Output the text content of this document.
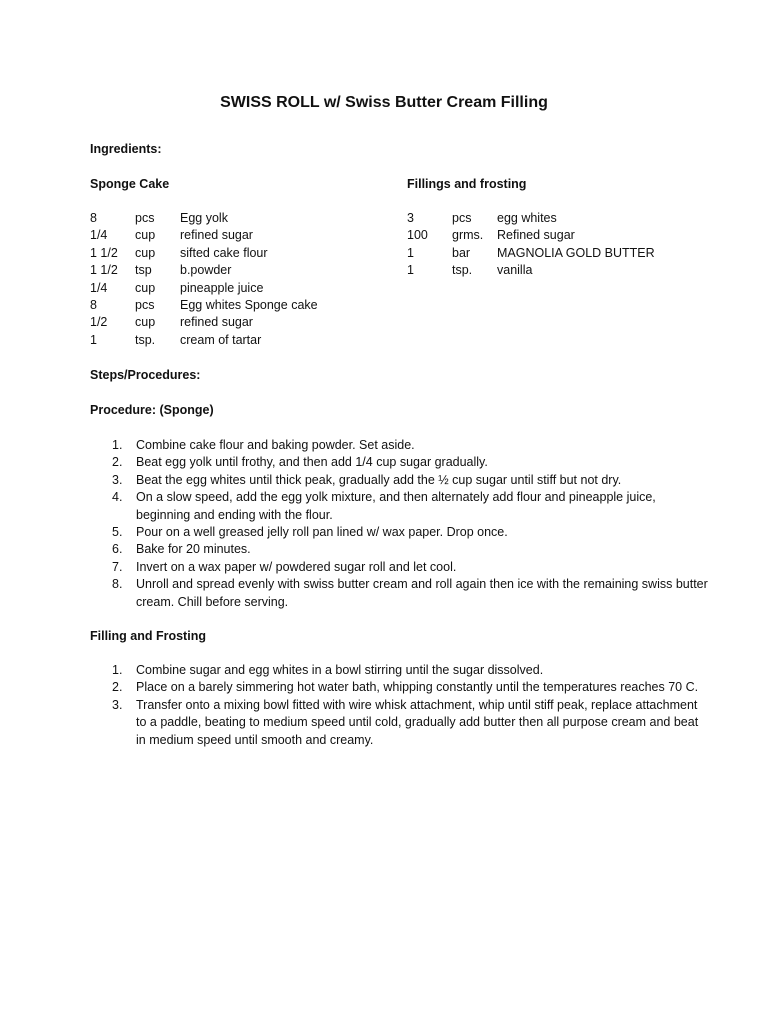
SWISS ROLL w/ Swiss Butter Cream Filling
Ingredients:
Sponge Cake	Fillings and frosting
8	pcs	Egg yolk
1/4	cup	refined sugar
1 1/2	cup	sifted cake flour
1 1/2	tsp	b.powder
1/4	cup	pineapple juice
8	pcs	Egg whites Sponge cake
1/2	cup	refined sugar
1	tsp.	cream of tartar
3	pcs	egg whites
100	grms.	Refined sugar
1	bar	MAGNOLIA GOLD BUTTER
1	tsp.	vanilla
Steps/Procedures:
Procedure: (Sponge)
1. Combine cake flour and baking powder. Set aside.
2. Beat egg yolk until frothy, and then add 1/4 cup sugar gradually.
3. Beat the egg whites until thick peak, gradually add the ½ cup sugar until stiff but not dry.
4. On a slow speed, add the egg yolk mixture, and then alternately add flour and pineapple juice, beginning and ending with the flour.
5. Pour on a well greased jelly roll pan lined w/ wax paper. Drop once.
6. Bake for 20 minutes.
7. Invert on a wax paper w/ powdered sugar roll and let cool.
8. Unroll and spread evenly with swiss butter cream and roll again then ice with the remaining swiss butter cream. Chill before serving.
Filling and Frosting
1. Combine sugar and egg whites in a bowl stirring until the sugar dissolved.
2. Place on a barely simmering hot water bath, whipping constantly until the temperatures reaches 70 C.
3. Transfer onto a mixing bowl fitted with wire whisk attachment, whip until stiff peak, replace attachment to a paddle, beating to medium speed until cold, gradually add butter then all purpose cream and beat in medium speed until smooth and creamy.
